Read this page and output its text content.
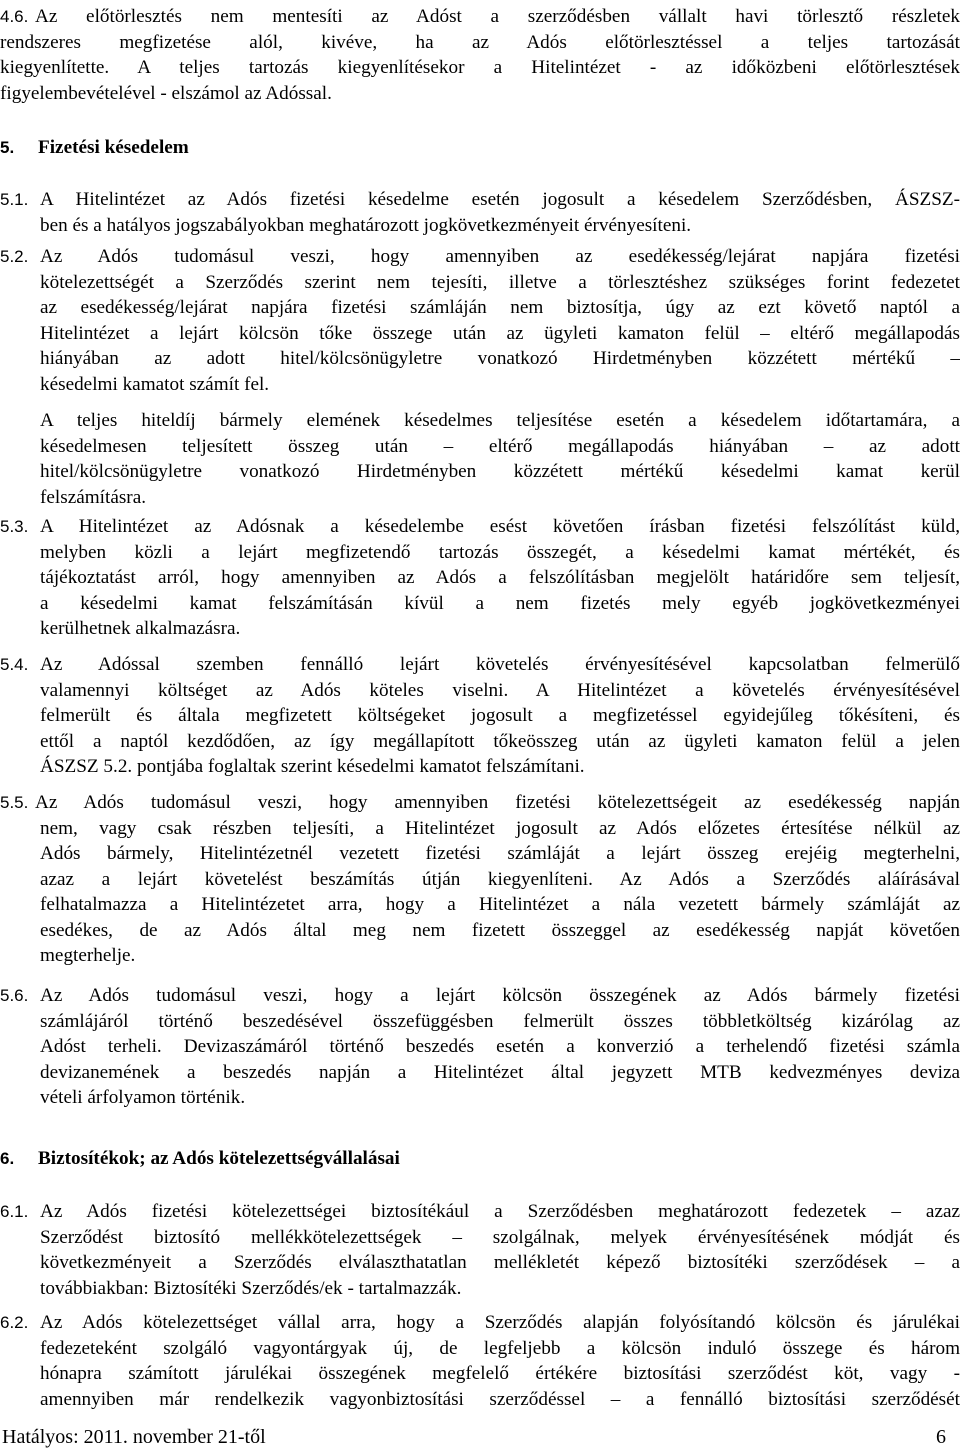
4.6. Az előtörlesztés nem mentesíti az Adóst a szerződésben vállalt havi törlesztő részletek
rendszeres megfizetése alól, kivéve, ha az Adós előtörlesztéssel a teljes tartozását
kiegyenlítette. A teljes tartozás kiegyenlítésekor a Hitelintézet - az időközbeni előtörlesztések
figyelembevételével - elszámol az Adóssal.
5. Fizetési késedelem
5.1. A Hitelintézet az Adós fizetési késedelme esetén jogosult a késedelem Szerződésben, ÁSZSZ-
ben és a hatályos jogszabályokban meghatározott jogkövetkezményeit érvényesíteni.
5.2. Az Adós tudomásul veszi, hogy amennyiben az esedékesség/lejárat napjára fizetési
kötelezettségét a Szerződés szerint nem tejesíti, illetve a törlesztéshez szükséges forint fedezetet
az esedékesség/lejárat napjára fizetési számláján nem biztosítja, úgy az ezt követő naptól a
Hitelintézet a lejárt kölcsön tőke összege után az ügyleti kamaton felül – eltérő megállapodás
hiányában az adott hitel/kölcsönügyletre vonatkozó Hirdetményben közzétett mértékű –
késedelmi kamatot számít fel.
A teljes hiteldíj bármely elemének késedelmes teljesítése esetén a késedelem időtartamára, a
késedelmesen teljesített összeg után – eltérő megállapodás hiányában – az adott
hitel/kölcsönügyletre vonatkozó Hirdetményben közzétett mértékű késedelmi kamat kerül
felszámításra.
5.3. A Hitelintézet az Adósnak a késedelembe esést követően írásban fizetési felszólítást küld,
melyben közli a lejárt megfizetendő tartozás összegét, a késedelmi kamat mértékét, és
tájékoztatást arról, hogy amennyiben az Adós a felszólításban megjelölt határidőre sem teljesít,
a késedelmi kamat felszámításán kívül a nem fizetés mely egyéb jogkövetkezményei
kerülhetnek alkalmazásra.
5.4. Az Adóssal szemben fennálló lejárt követelés érvényesítésével kapcsolatban felmerülő
valamennyi költséget az Adós köteles viselni. A Hitelintézet a követelés érvényesítésével
felmerült és általa megfizetett költségeket jogosult a megfizetéssel egyidejűleg tőkésíteni, és
ettől a naptól kezdődően, az így megállapított tőkeösszeg után az ügyleti kamaton felül a jelen
ÁSZSZ 5.2. pontjába foglaltak szerint késedelmi kamatot felszámítani.
5.5. Az Adós tudomásul veszi, hogy amennyiben fizetési kötelezettségeit az esedékesség napján
nem, vagy csak részben teljesíti, a Hitelintézet jogosult az Adós előzetes értesítése nélkül az
Adós bármely, Hitelintézetnél vezetett fizetési számláját a lejárt összeg erejéig megterhelni,
azaz a lejárt követelést beszámítás útján kiegyenlíteni. Az Adós a Szerződés aláírásával
felhatalmazza a Hitelintézetet arra, hogy a Hitelintézet a nála vezetett bármely számláját az
esedékes, de az Adós által meg nem fizetett összeggel az esedékesség napját követően
megterhelje.
5.6. Az Adós tudomásul veszi, hogy a lejárt kölcsön összegének az Adós bármely fizetési
számlájáról történő beszedésével összefüggésben felmerült összes többletköltség kizárólag az
Adóst terheli. Devizaszámáról történő beszedés esetén a konverzió a terhelendő fizetési számla
devizanemének a beszedés napján a Hitelintézet által jegyzett MTB kedvezményes deviza
vételi árfolyamon történik.
6. Biztosítékok; az Adós kötelezettségvállalásai
6.1. Az Adós fizetési kötelezettségei biztosítékául a Szerződésben meghatározott fedezetek – azaz
Szerződést biztosító mellékkötelezettségek – szolgálnak, melyek érvényesítésének módját és
következményeit a Szerződés elválaszthatatlan mellékletét képező biztosítéki szerződések – a
továbbiakban: Biztosítéki Szerződés/ek - tartalmazzák.
6.2. Az Adós kötelezettséget vállal arra, hogy a Szerződés alapján folyósítandó kölcsön és járulékai
fedezeteként szolgáló vagyontárgyak új, de legfeljebb a kölcsön induló összege és három
hónapra számított járulékai összegének megfelelő értékére biztosítási szerződést köt, vagy -
amennyiben már rendelkezik vagyonbiztosítási szerződéssel – a fennálló biztosítási szerződését
Hatályos: 2011. november 21-től	6
